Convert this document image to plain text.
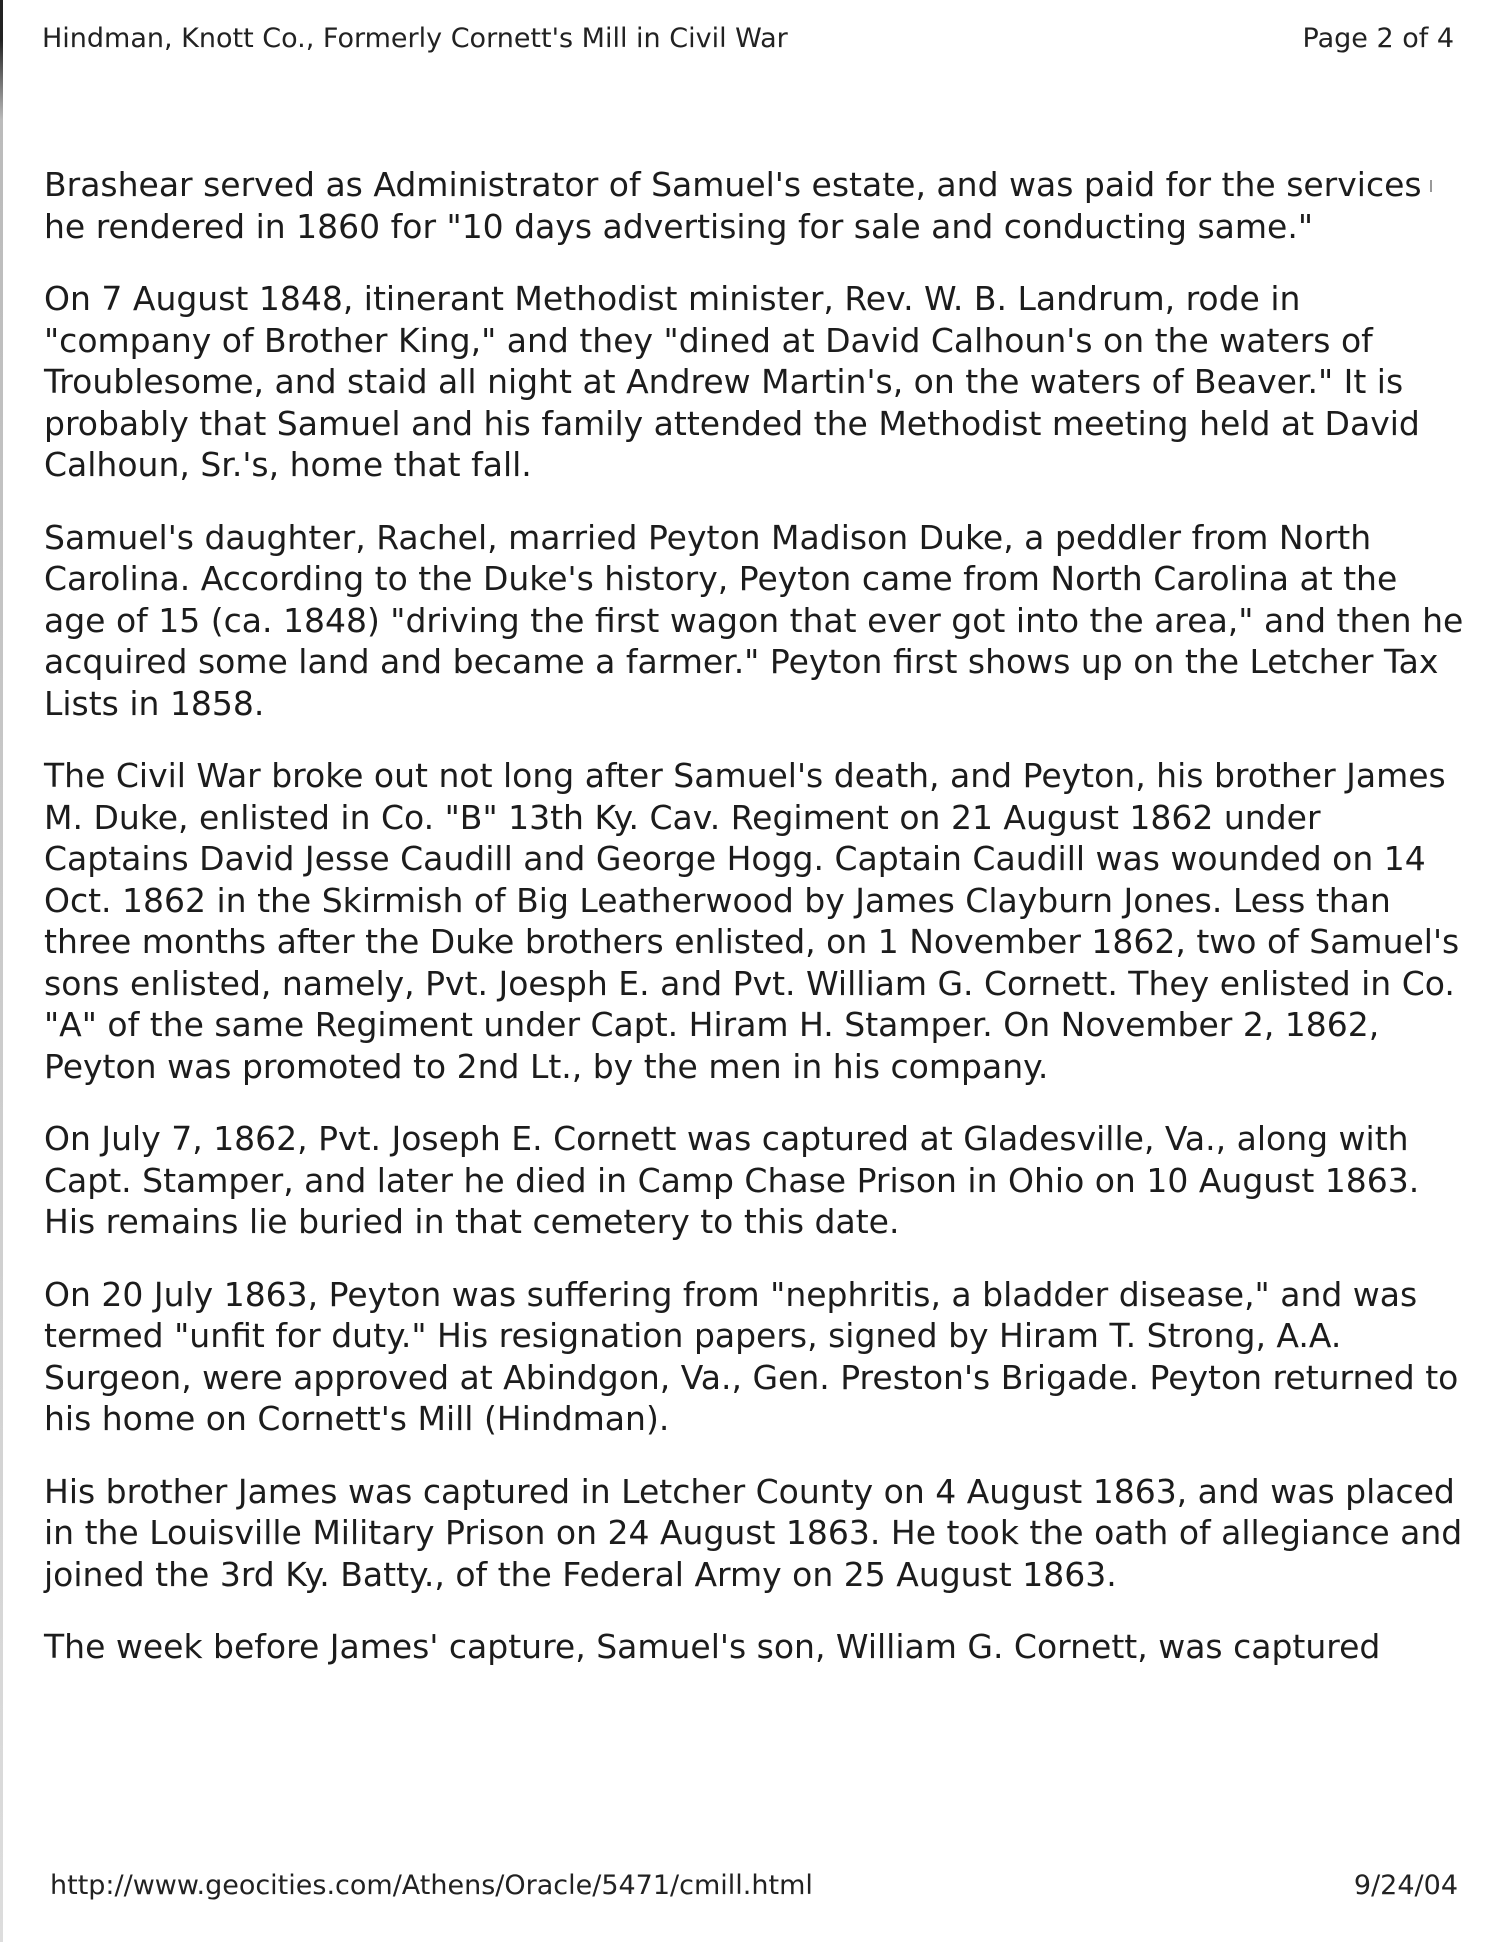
Hindman, Knott Co., Formerly Cornett's Mill in Civil War	Page 2 of 4

Brashear served as Administrator of Samuel's estate, and was paid for the services he rendered in 1860 for "10 days advertising for sale and conducting same."

On 7 August 1848, itinerant Methodist minister, Rev. W. B. Landrum, rode in "company of Brother King," and they "dined at David Calhoun's on the waters of Troublesome, and staid all night at Andrew Martin's, on the waters of Beaver." It is probably that Samuel and his family attended the Methodist meeting held at David Calhoun, Sr.'s, home that fall.

Samuel's daughter, Rachel, married Peyton Madison Duke, a peddler from North Carolina. According to the Duke's history, Peyton came from North Carolina at the age of 15 (ca. 1848) "driving the first wagon that ever got into the area," and then he acquired some land and became a farmer." Peyton first shows up on the Letcher Tax Lists in 1858.

The Civil War broke out not long after Samuel's death, and Peyton, his brother James M. Duke, enlisted in Co. "B" 13th Ky. Cav. Regiment on 21 August 1862 under Captains David Jesse Caudill and George Hogg. Captain Caudill was wounded on 14 Oct. 1862 in the Skirmish of Big Leatherwood by James Clayburn Jones. Less than three months after the Duke brothers enlisted, on 1 November 1862, two of Samuel's sons enlisted, namely, Pvt. Joesph E. and Pvt. William G. Cornett. They enlisted in Co. "A" of the same Regiment under Capt. Hiram H. Stamper. On November 2, 1862, Peyton was promoted to 2nd Lt., by the men in his company.

On July 7, 1862, Pvt. Joseph E. Cornett was captured at Gladesville, Va., along with Capt. Stamper, and later he died in Camp Chase Prison in Ohio on 10 August 1863. His remains lie buried in that cemetery to this date.

On 20 July 1863, Peyton was suffering from "nephritis, a bladder disease," and was termed "unfit for duty." His resignation papers, signed by Hiram T. Strong, A.A. Surgeon, were approved at Abindgon, Va., Gen. Preston's Brigade. Peyton returned to his home on Cornett's Mill (Hindman).

His brother James was captured in Letcher County on 4 August 1863, and was placed in the Louisville Military Prison on 24 August 1863. He took the oath of allegiance and joined the 3rd Ky. Batty., of the Federal Army on 25 August 1863.

The week before James' capture, Samuel's son, William G. Cornett, was captured

http://www.geocities.com/Athens/Oracle/5471/cmill.html	9/24/04
